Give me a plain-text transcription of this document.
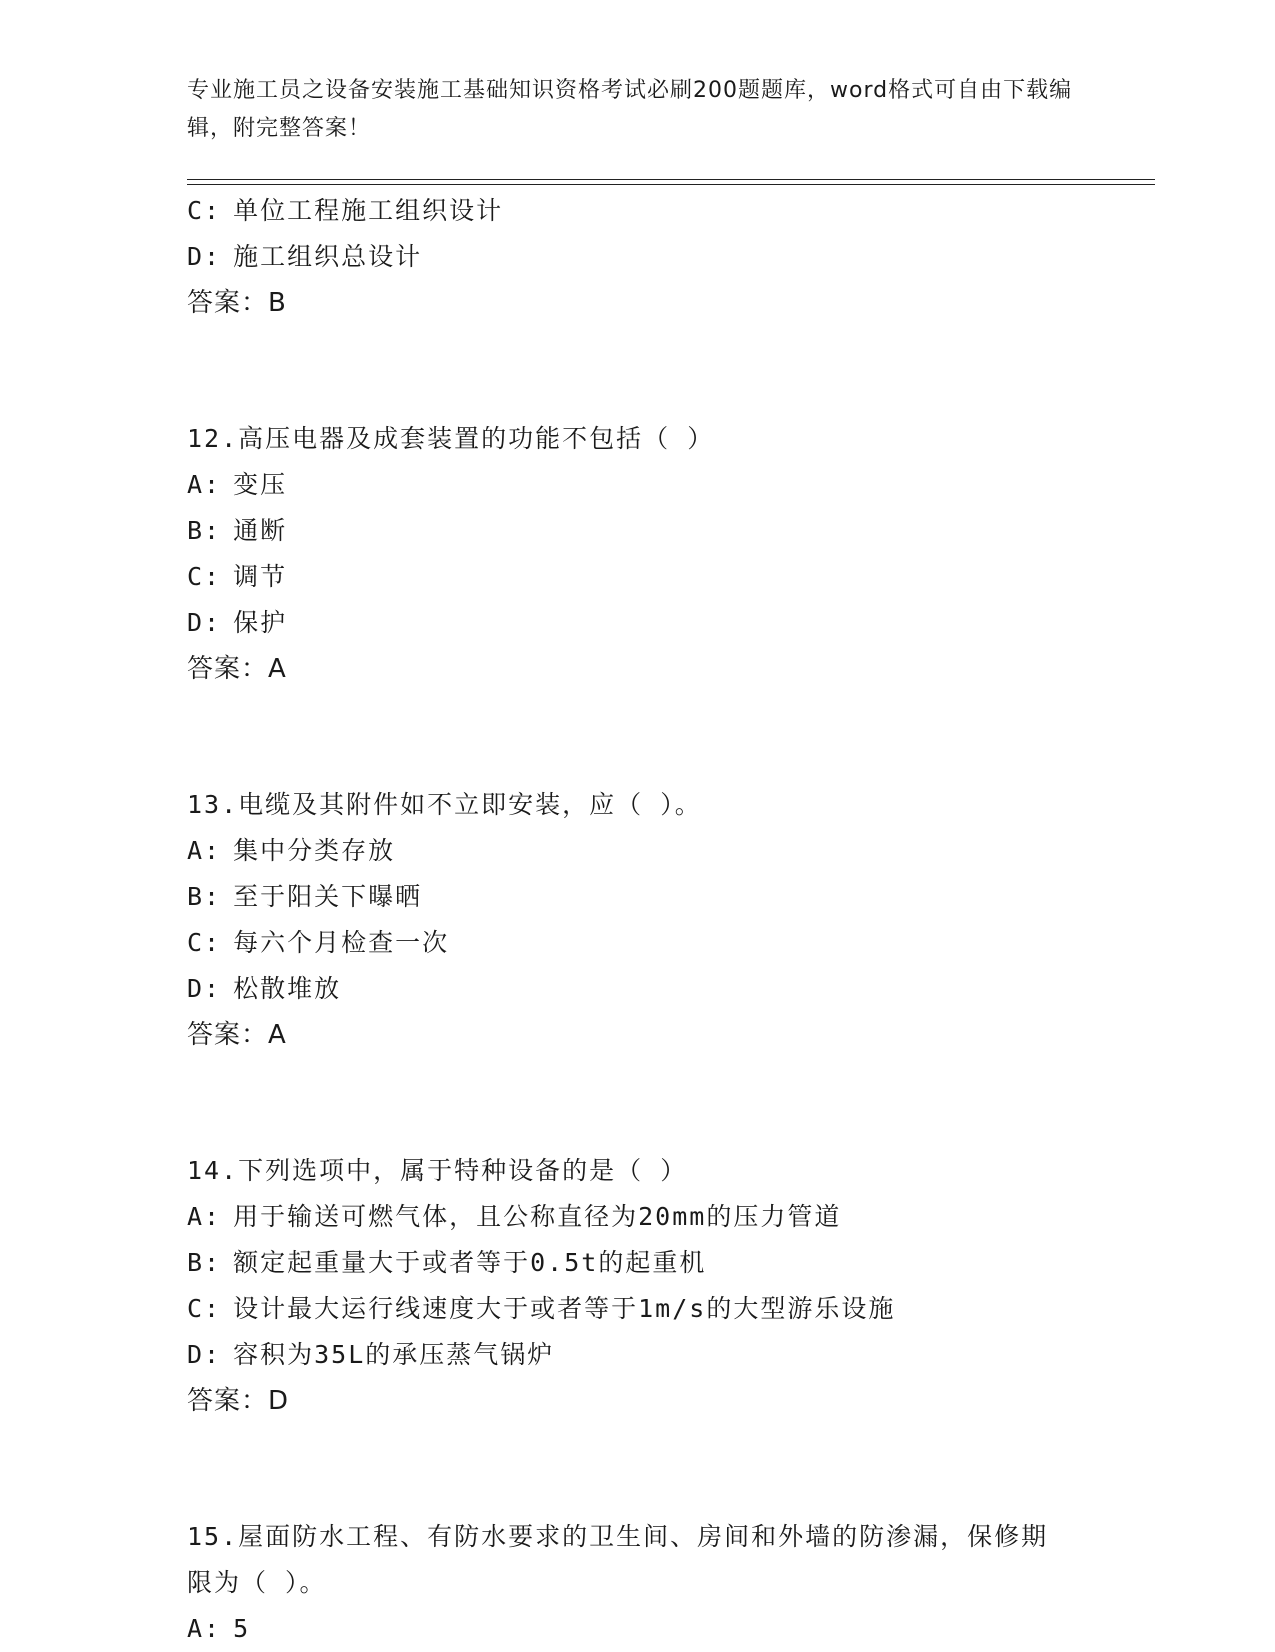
专业施工员之设备安装施工基础知识资格考试必刷200题题库，word格式可自由下载编辑，附完整答案！
C: 单位工程施工组织设计
D: 施工组织总设计
答案：B
12.高压电器及成套装置的功能不包括（ ）
A: 变压
B: 通断
C: 调节
D: 保护
答案：A
13.电缆及其附件如不立即安装，应（ ）。
A: 集中分类存放
B: 至于阳关下曝晒
C: 每六个月检查一次
D: 松散堆放
答案：A
14.下列选项中，属于特种设备的是（ ）
A: 用于输送可燃气体，且公称直径为20mm的压力管道
B: 额定起重量大于或者等于0.5t的起重机
C: 设计最大运行线速度大于或者等于1m/s的大型游乐设施
D: 容积为35L的承压蒸气锅炉
答案：D
15.屋面防水工程、有防水要求的卫生间、房间和外墙的防渗漏，保修期限为（ ）。
A: 5
